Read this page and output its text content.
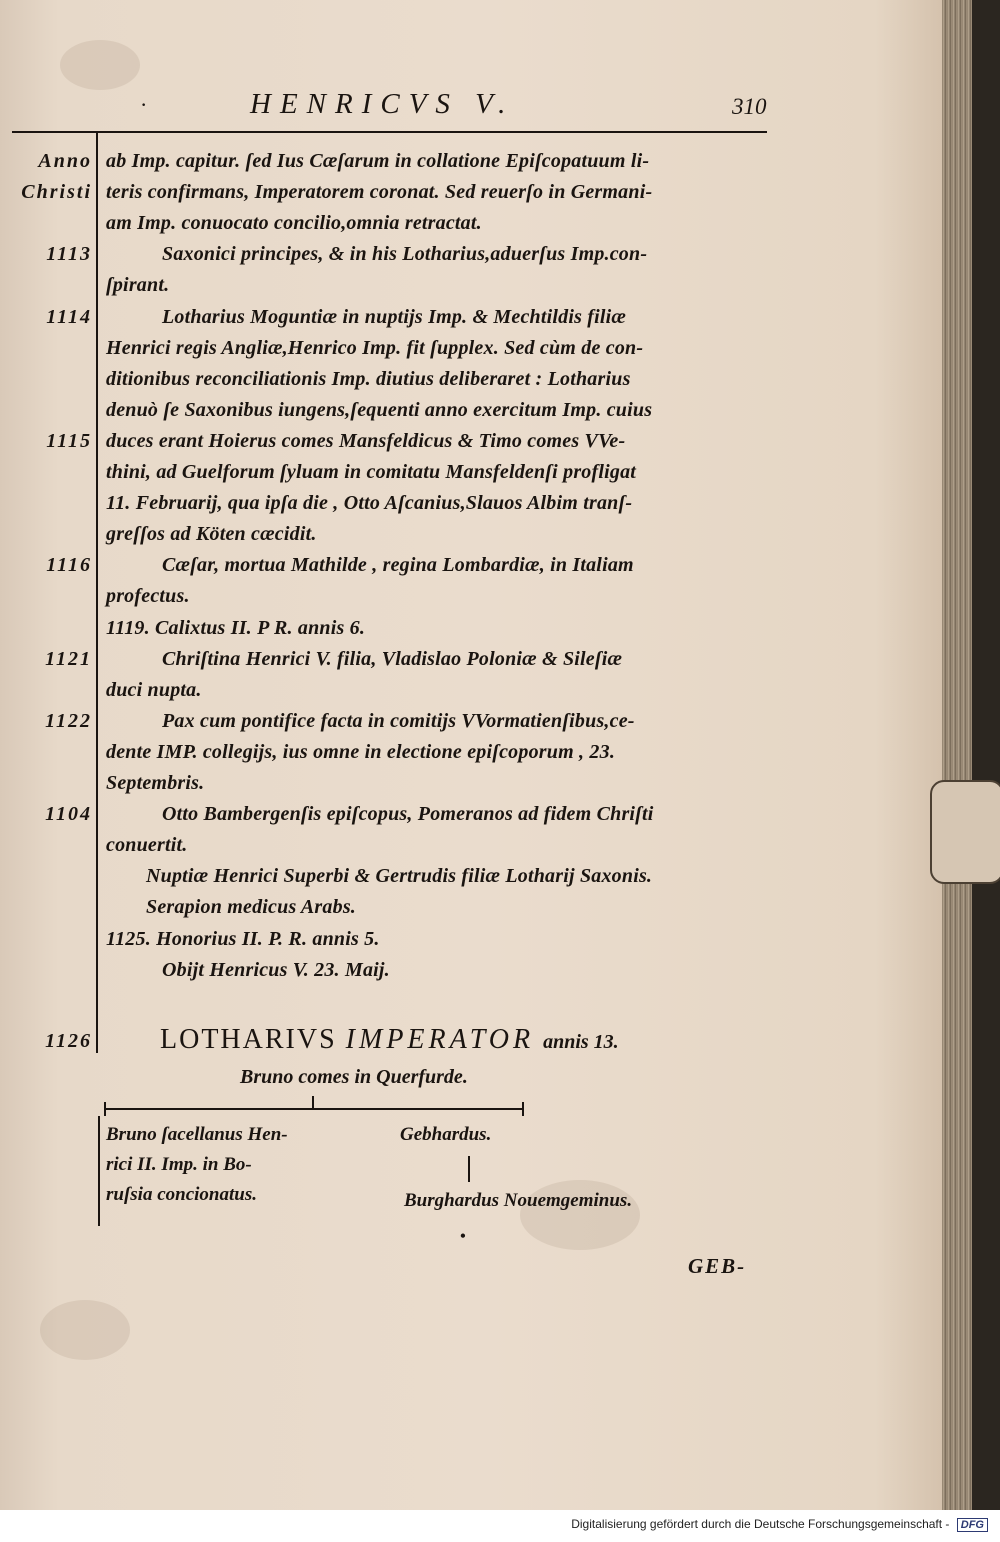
·	HENRICVS V.	310
Anno
Christi
ab Imp. capitur. ſed Ius Cæſarum in collatione Epiſcopatuum li-
teris confirmans, Imperatorem coronat. Sed reuerſo in Germani-
am Imp. conuocato concilio,omnia retractat.
Saxonici principes, & in his Lotharius,aduerſus Imp.con-
1113
ſpirant.
Lotharius Moguntiæ in nuptijs Imp. & Mechtildis filiæ
1114
Henrici regis Angliæ,Henrico Imp. fit ſupplex. Sed cùm de con-
ditionibus reconciliationis Imp. diutius deliberaret : Lotharius
denuò ſe Saxonibus iungens,ſequenti anno exercitum Imp. cuius
duces erant Hoierus comes Mansfeldicus & Timo comes VVe-
1115
thini, ad Guelforum ſyluam in comitatu Mansfeldenſi profligat
11. Februarij, qua ipſa die , Otto Aſcanius,Slauos Albim tranſ-
greſſos ad Köten cæcidit.
Cæſar, mortua Mathilde , regina Lombardiæ, in Italiam
1116
profectus.
1119. Calixtus II. P R. annis 6.
Chriſtina Henrici V. filia, Vladislao Poloniæ & Sileſiæ
1121
duci nupta.
Pax cum pontifice facta in comitijs VVormatienſibus,ce-
1122
dente IMP. collegijs, ius omne in electione epiſcoporum , 23.
Septembris.
Otto Bambergenſis epiſcopus, Pomeranos ad fidem Chriſti
1104
conuertit.
Nuptiæ Henrici Superbi & Gertrudis filiæ Lotharij Saxonis.
Serapion medicus Arabs.
1125. Honorius II. P. R. annis 5.
Obijt Henricus V. 23. Maij.
1126 LOTHARIVS IMPERATOR annis 13.
Bruno comes in Querfurde.
Bruno ſacellanus Hen-
rici II. Imp. in Bo-
ruſsia concionatus.
Gebhardus.
Burghardus Nouemgeminus.
•
GEB-
Digitalisierung gefördert durch die Deutsche Forschungsgemeinschaft - DFG
